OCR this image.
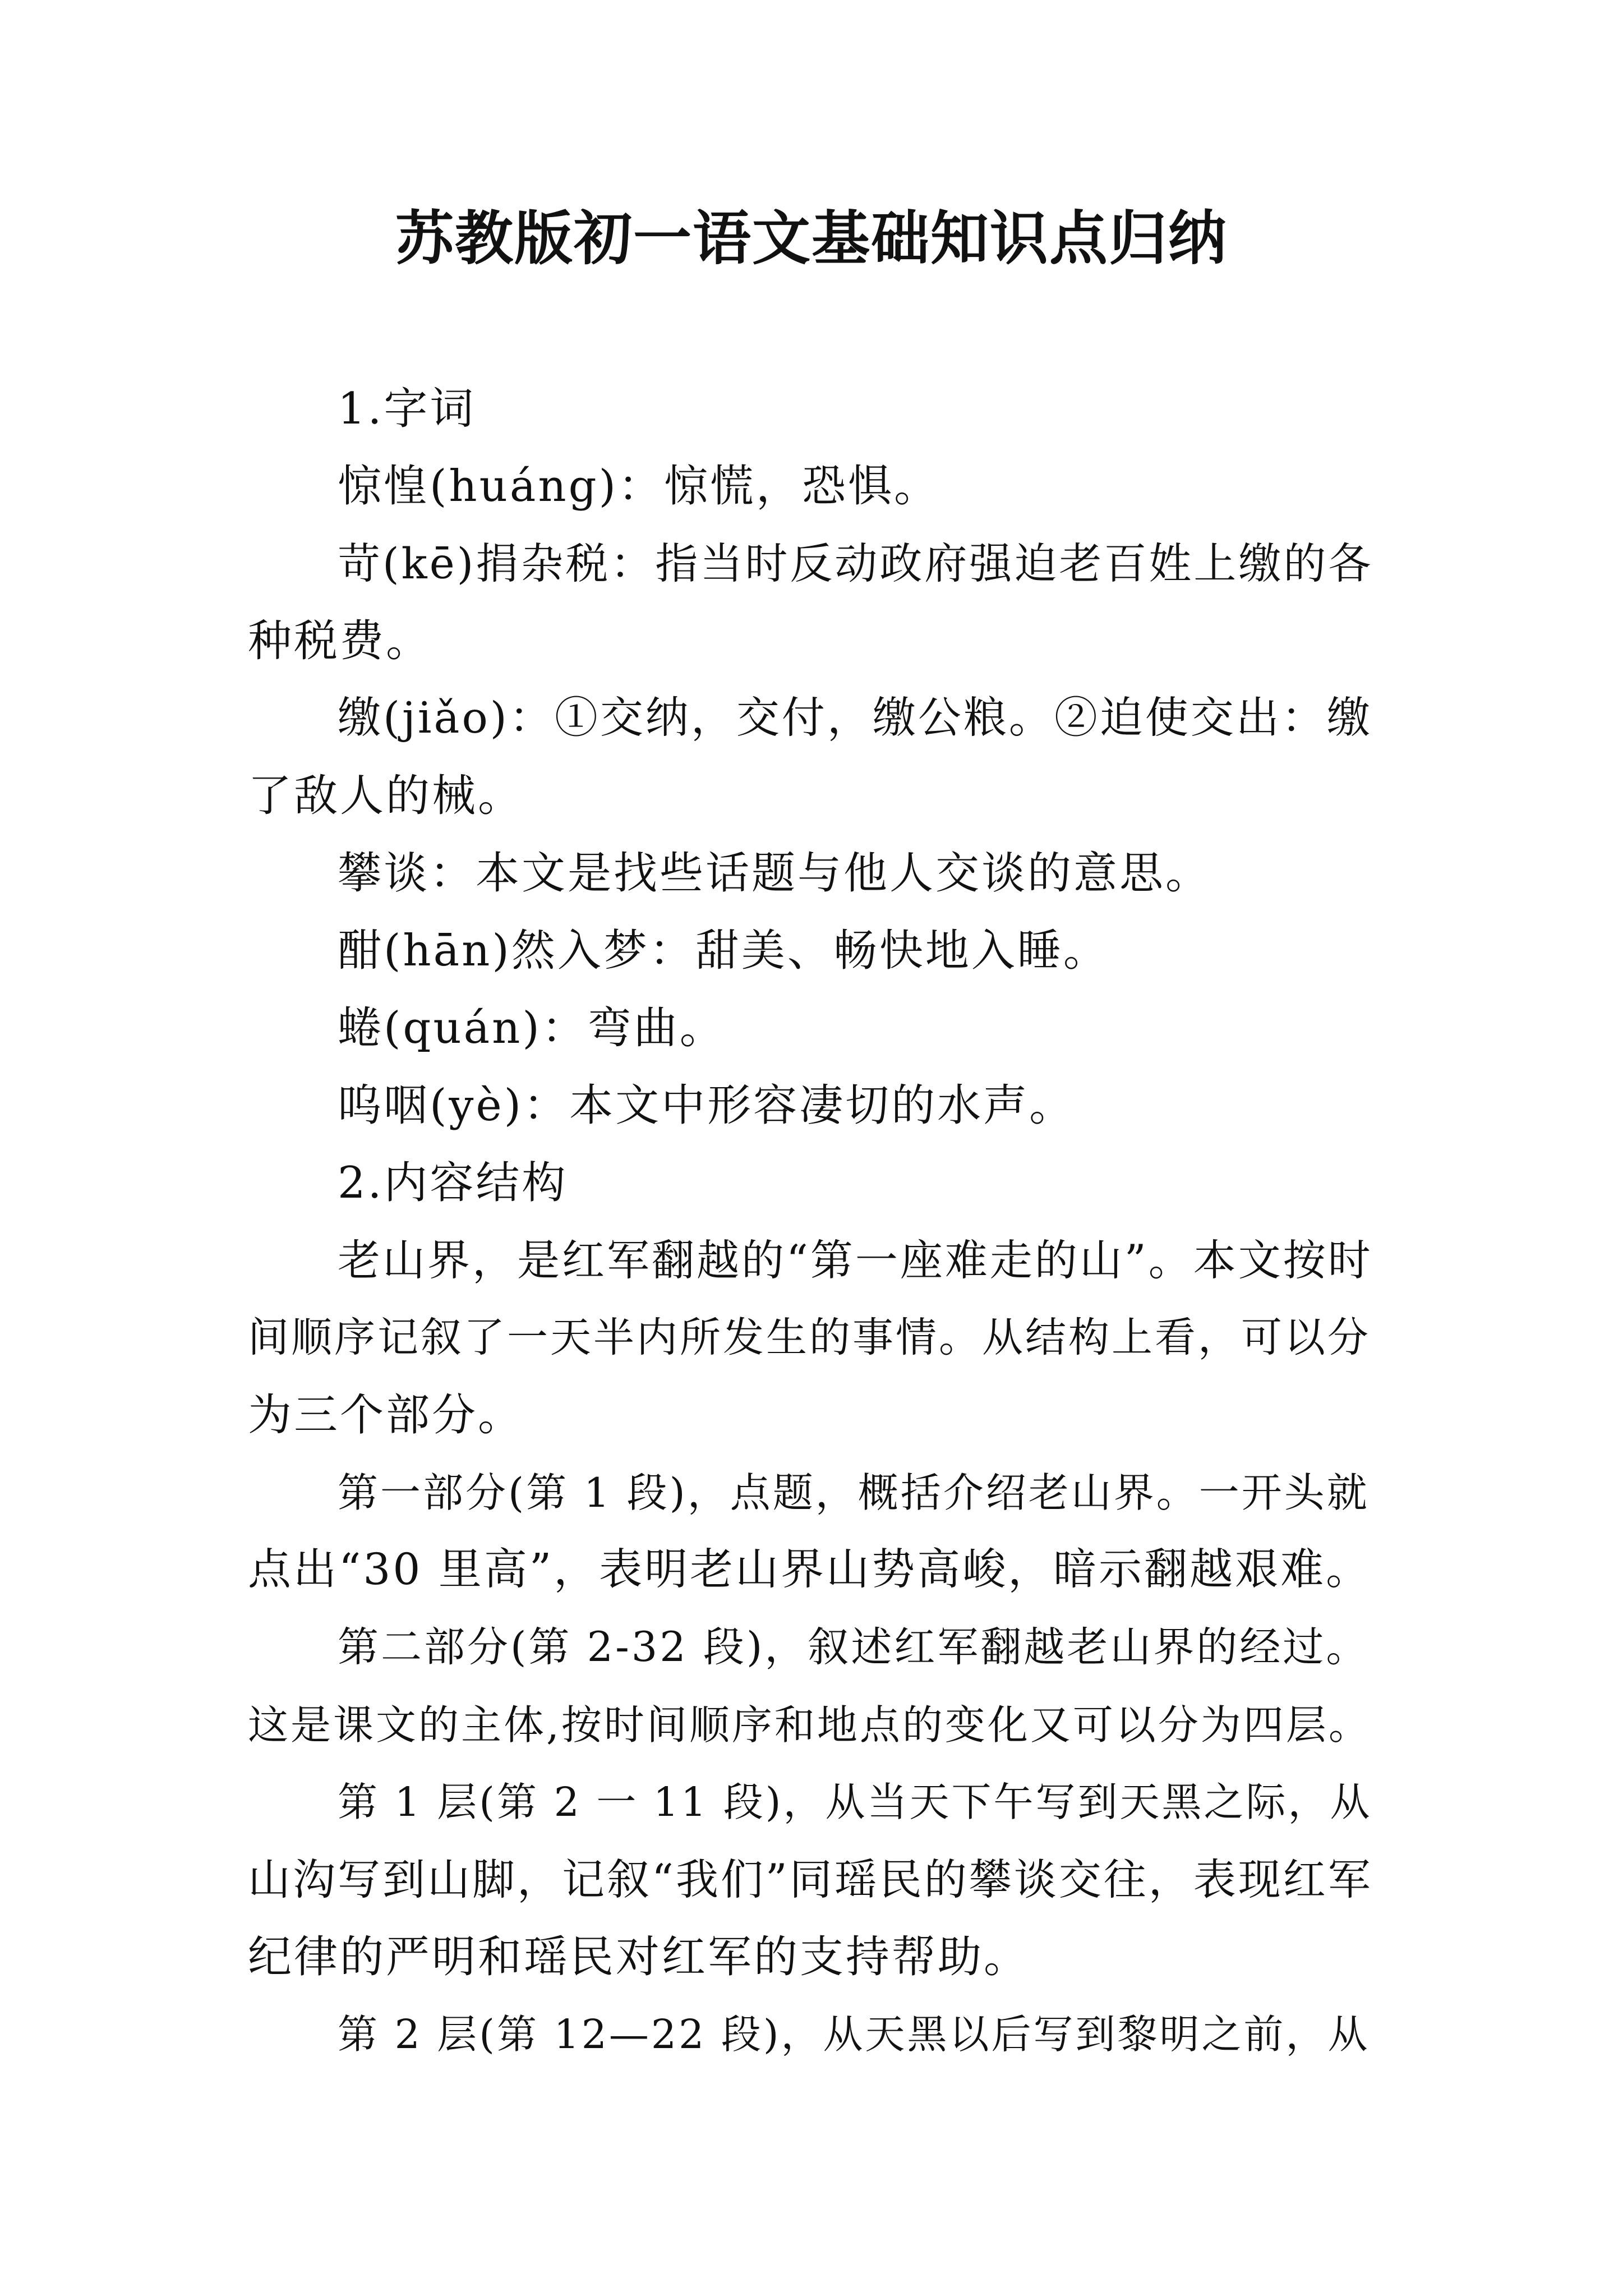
苏教版初一语文基础知识点归纳
1.字词
惊惶(huáng)：惊慌，恐惧。
苛(kē)捐杂税：指当时反动政府强迫老百姓上缴的各
种税费。
缴(jiǎo)：①交纳，交付，缴公粮。②迫使交出：缴
了敌人的械。
攀谈：本文是找些话题与他人交谈的意思。
酣(hān)然入梦：甜美、畅快地入睡。
蜷(quán)：弯曲。
呜咽(yè)：本文中形容凄切的水声。
2.内容结构
老山界，是红军翻越的“第一座难走的山”。本文按时
间顺序记叙了一天半内所发生的事情。从结构上看，可以分
为三个部分。
第一部分(第 1 段)，点题，概括介绍老山界。一开头就
点出“30 里高”，表明老山界山势高峻，暗示翻越艰难。
第二部分(第 2-32 段)，叙述红军翻越老山界的经过。
这是课文的主体,按时间顺序和地点的变化又可以分为四层。
第 1 层(第 2 一 11 段)，从当天下午写到天黑之际，从
山沟写到山脚，记叙“我们”同瑶民的攀谈交往，表现红军
纪律的严明和瑶民对红军的支持帮助。
第 2 层(第 12—22 段)，从天黑以后写到黎明之前，从
